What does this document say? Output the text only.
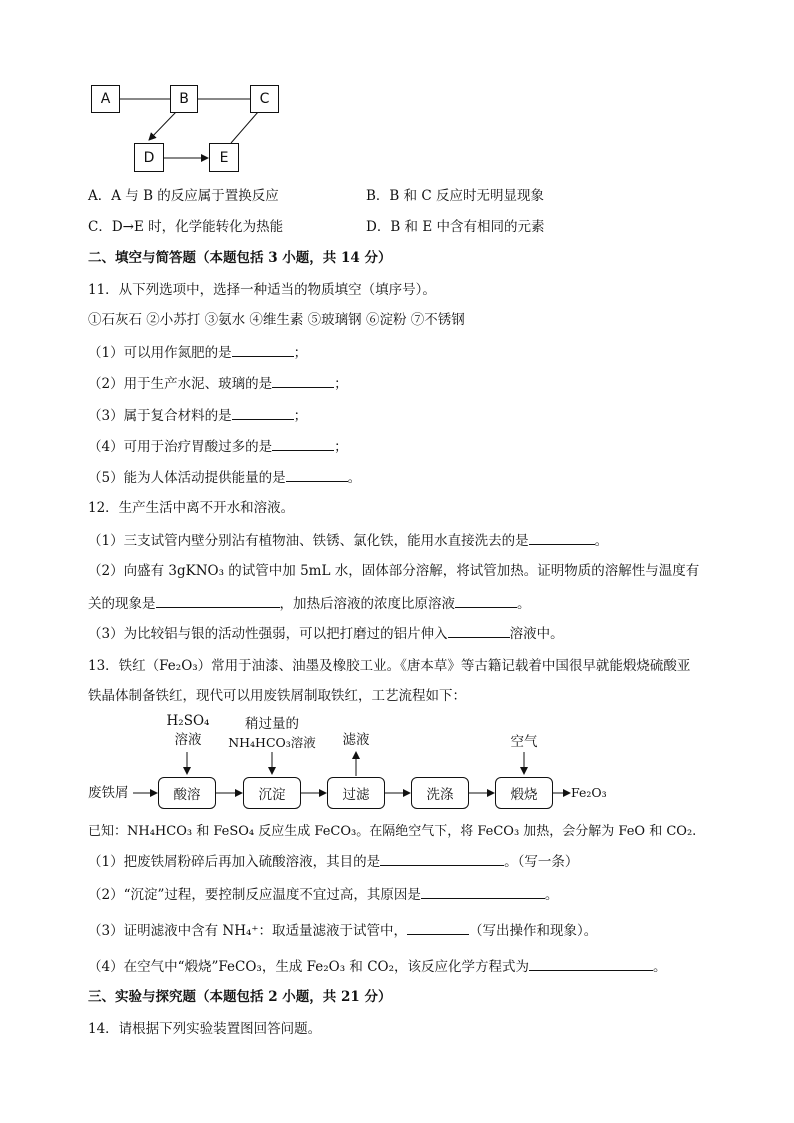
A	B	C
D	E
A．A 与 B 的反应属于置换反应	B．B 和 C 反应时无明显现象
C．D→E 时，化学能转化为热能	D．B 和 E 中含有相同的元素
二、填空与简答题（本题包括 3 小题，共 14 分）
11．从下列选项中，选择一种适当的物质填空（填序号）。
①石灰石 ②小苏打 ③氨水 ④维生素 ⑤玻璃钢 ⑥淀粉 ⑦不锈钢
（1）可以用作氮肥的是	；
（2）用于生产水泥、玻璃的是	；
（3）属于复合材料的是	；
（4）可用于治疗胃酸过多的是	；
（5）能为人体活动提供能量的是	。
12．生产生活中离不开水和溶液。
（1）三支试管内壁分别沾有植物油、铁锈、氯化铁，能用水直接洗去的是	。
（2）向盛有 3gKNO₃ 的试管中加 5mL 水，固体部分溶解，将试管加热。证明物质的溶解性与温度有
关的现象是	，加热后溶液的浓度比原溶液	。
（3）为比较铝与银的活动性强弱，可以把打磨过的铝片伸入	溶液中。
13．铁红（Fe₂O₃）常用于油漆、油墨及橡胶工业。《唐本草》等古籍记载着中国很早就能煅烧硫酸亚
铁晶体制备铁红，现代可以用废铁屑制取铁红，工艺流程如下：
废铁屑	酸溶	沉淀	过滤	洗涤	煅烧	Fe₂O₃
H₂SO₄
溶液
稍过量的
NH₄HCO₃溶液	滤液	空气
已知：NH₄HCO₃ 和 FeSO₄ 反应生成 FeCO₃。在隔绝空气下，将 FeCO₃ 加热，会分解为 FeO 和 CO₂.
（1）把废铁屑粉碎后再加入硫酸溶液，其目的是	。（写一条）
（2）“沉淀”过程，要控制反应温度不宜过高，其原因是	。
（3）证明滤液中含有 NH₄⁺：取适量滤液于试管中，	（写出操作和现象）。
（4）在空气中“煅烧”FeCO₃，生成 Fe₂O₃ 和 CO₂，该反应化学方程式为	。
三、实验与探究题（本题包括 2 小题，共 21 分）
14．请根据下列实验装置图回答问题。
